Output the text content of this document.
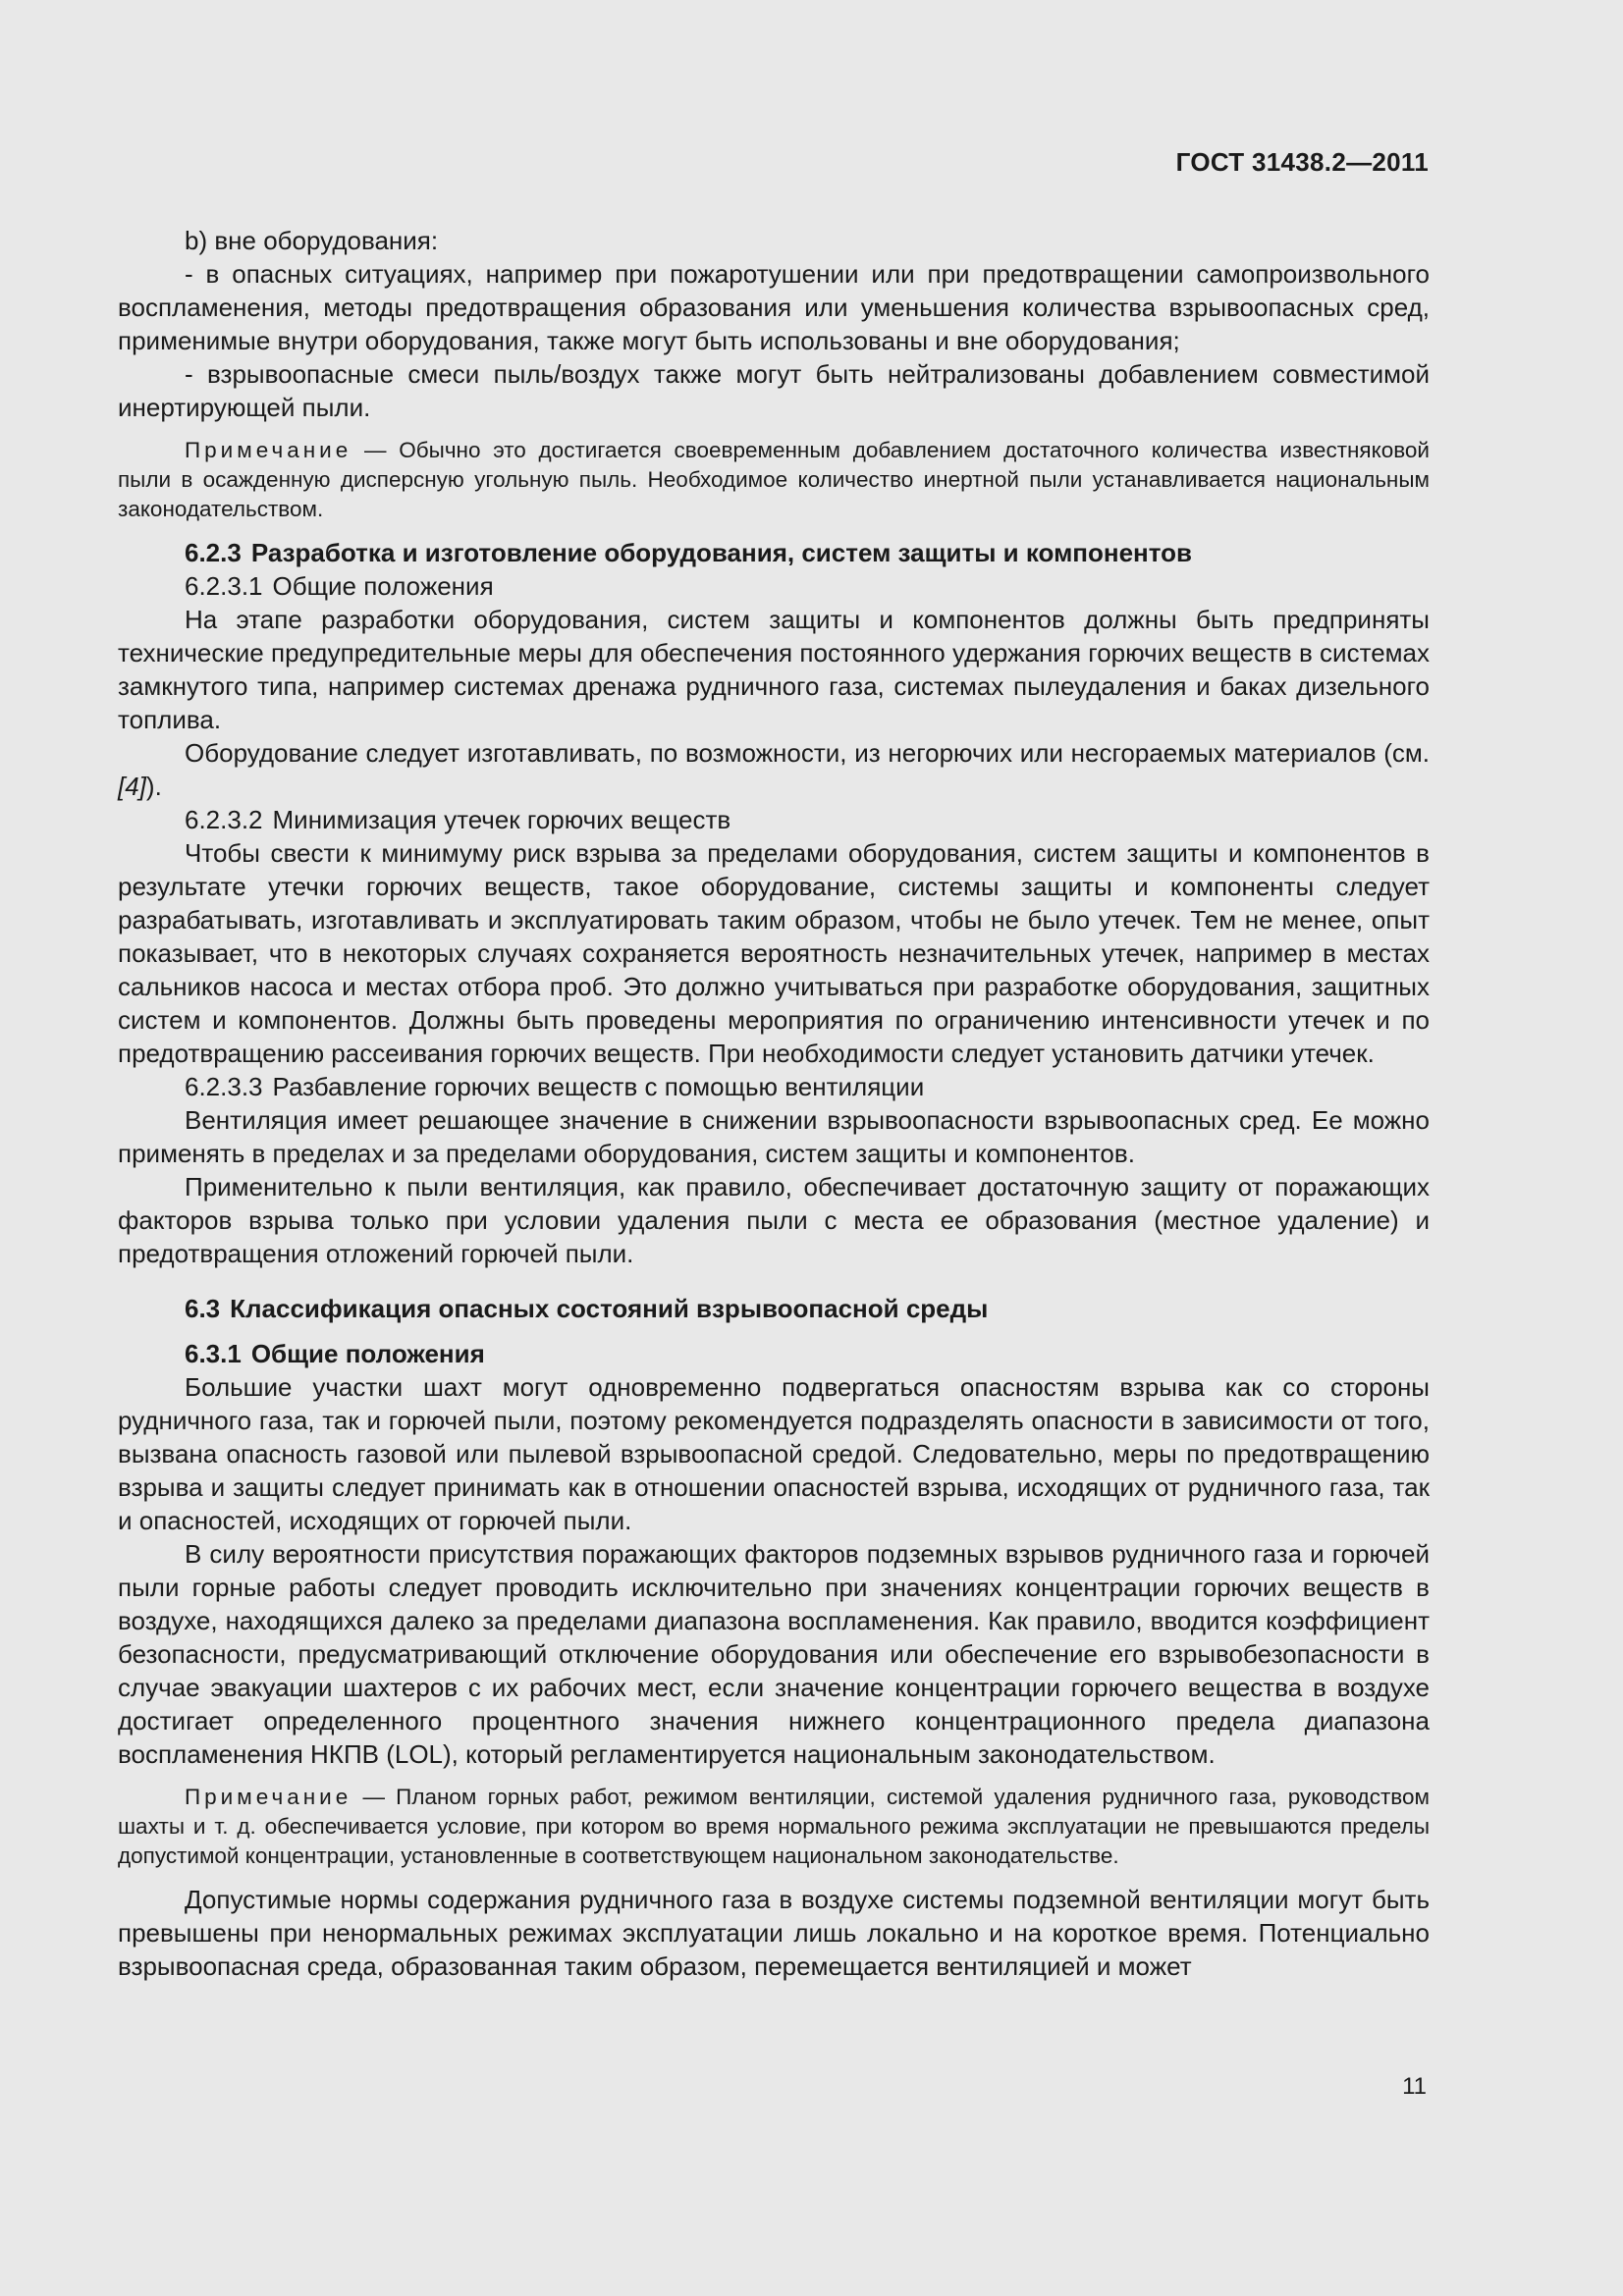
ГОСТ 31438.2—2011

b) вне оборудования:

- в опасных ситуациях, например при пожаротушении или при предотвращении самопроизвольного воспламенения, методы предотвращения образования или уменьшения количества взрывоопасных сред, применимые внутри оборудования, также могут быть использованы и вне оборудования;

- взрывоопасные смеси пыль/воздух также могут быть нейтрализованы добавлением совместимой инертирующей пыли.

Примечание — Обычно это достигается своевременным добавлением достаточного количества известняковой пыли в осажденную дисперсную угольную пыль. Необходимое количество инертной пыли устанавливается национальным законодательством.

6.2.3 Разработка и изготовление оборудования, систем защиты и компонентов

6.2.3.1 Общие положения

На этапе разработки оборудования, систем защиты и компонентов должны быть предприняты технические предупредительные меры для обеспечения постоянного удержания горючих веществ в системах замкнутого типа, например системах дренажа рудничного газа, системах пылеудаления и баках дизельного топлива.

Оборудование следует изготавливать, по возможности, из негорючих или несгораемых материалов (см. [4]).

6.2.3.2 Минимизация утечек горючих веществ

Чтобы свести к минимуму риск взрыва за пределами оборудования, систем защиты и компонентов в результате утечки горючих веществ, такое оборудование, системы защиты и компоненты следует разрабатывать, изготавливать и эксплуатировать таким образом, чтобы не было утечек. Тем не менее, опыт показывает, что в некоторых случаях сохраняется вероятность незначительных утечек, например в местах сальников насоса и местах отбора проб. Это должно учитываться при разработке оборудования, защитных систем и компонентов. Должны быть проведены мероприятия по ограничению интенсивности утечек и по предотвращению рассеивания горючих веществ. При необходимости следует установить датчики утечек.

6.2.3.3 Разбавление горючих веществ с помощью вентиляции

Вентиляция имеет решающее значение в снижении взрывоопасности взрывоопасных сред. Ее можно применять в пределах и за пределами оборудования, систем защиты и компонентов.

Применительно к пыли вентиляция, как правило, обеспечивает достаточную защиту от поражающих факторов взрыва только при условии удаления пыли с места ее образования (местное удаление) и предотвращения отложений горючей пыли.

6.3 Классификация опасных состояний взрывоопасной среды

6.3.1 Общие положения

Большие участки шахт могут одновременно подвергаться опасностям взрыва как со стороны рудничного газа, так и горючей пыли, поэтому рекомендуется подразделять опасности в зависимости от того, вызвана опасность газовой или пылевой взрывоопасной средой. Следовательно, меры по предотвращению взрыва и защиты следует принимать как в отношении опасностей взрыва, исходящих от рудничного газа, так и опасностей, исходящих от горючей пыли.

В силу вероятности присутствия поражающих факторов подземных взрывов рудничного газа и горючей пыли горные работы следует проводить исключительно при значениях концентрации горючих веществ в воздухе, находящихся далеко за пределами диапазона воспламенения. Как правило, вводится коэффициент безопасности, предусматривающий отключение оборудования или обеспечение его взрывобезопасности в случае эвакуации шахтеров с их рабочих мест, если значение концентрации горючего вещества в воздухе достигает определенного процентного значения нижнего концентрационного предела диапазона воспламенения НКПВ (LOL), который регламентируется национальным законодательством.

Примечание — Планом горных работ, режимом вентиляции, системой удаления рудничного газа, руководством шахты и т. д. обеспечивается условие, при котором во время нормального режима эксплуатации не превышаются пределы допустимой концентрации, установленные в соответствующем национальном законодательстве.

Допустимые нормы содержания рудничного газа в воздухе системы подземной вентиляции могут быть превышены при ненормальных режимах эксплуатации лишь локально и на короткое время. Потенциально взрывоопасная среда, образованная таким образом, перемещается вентиляцией и может

11
